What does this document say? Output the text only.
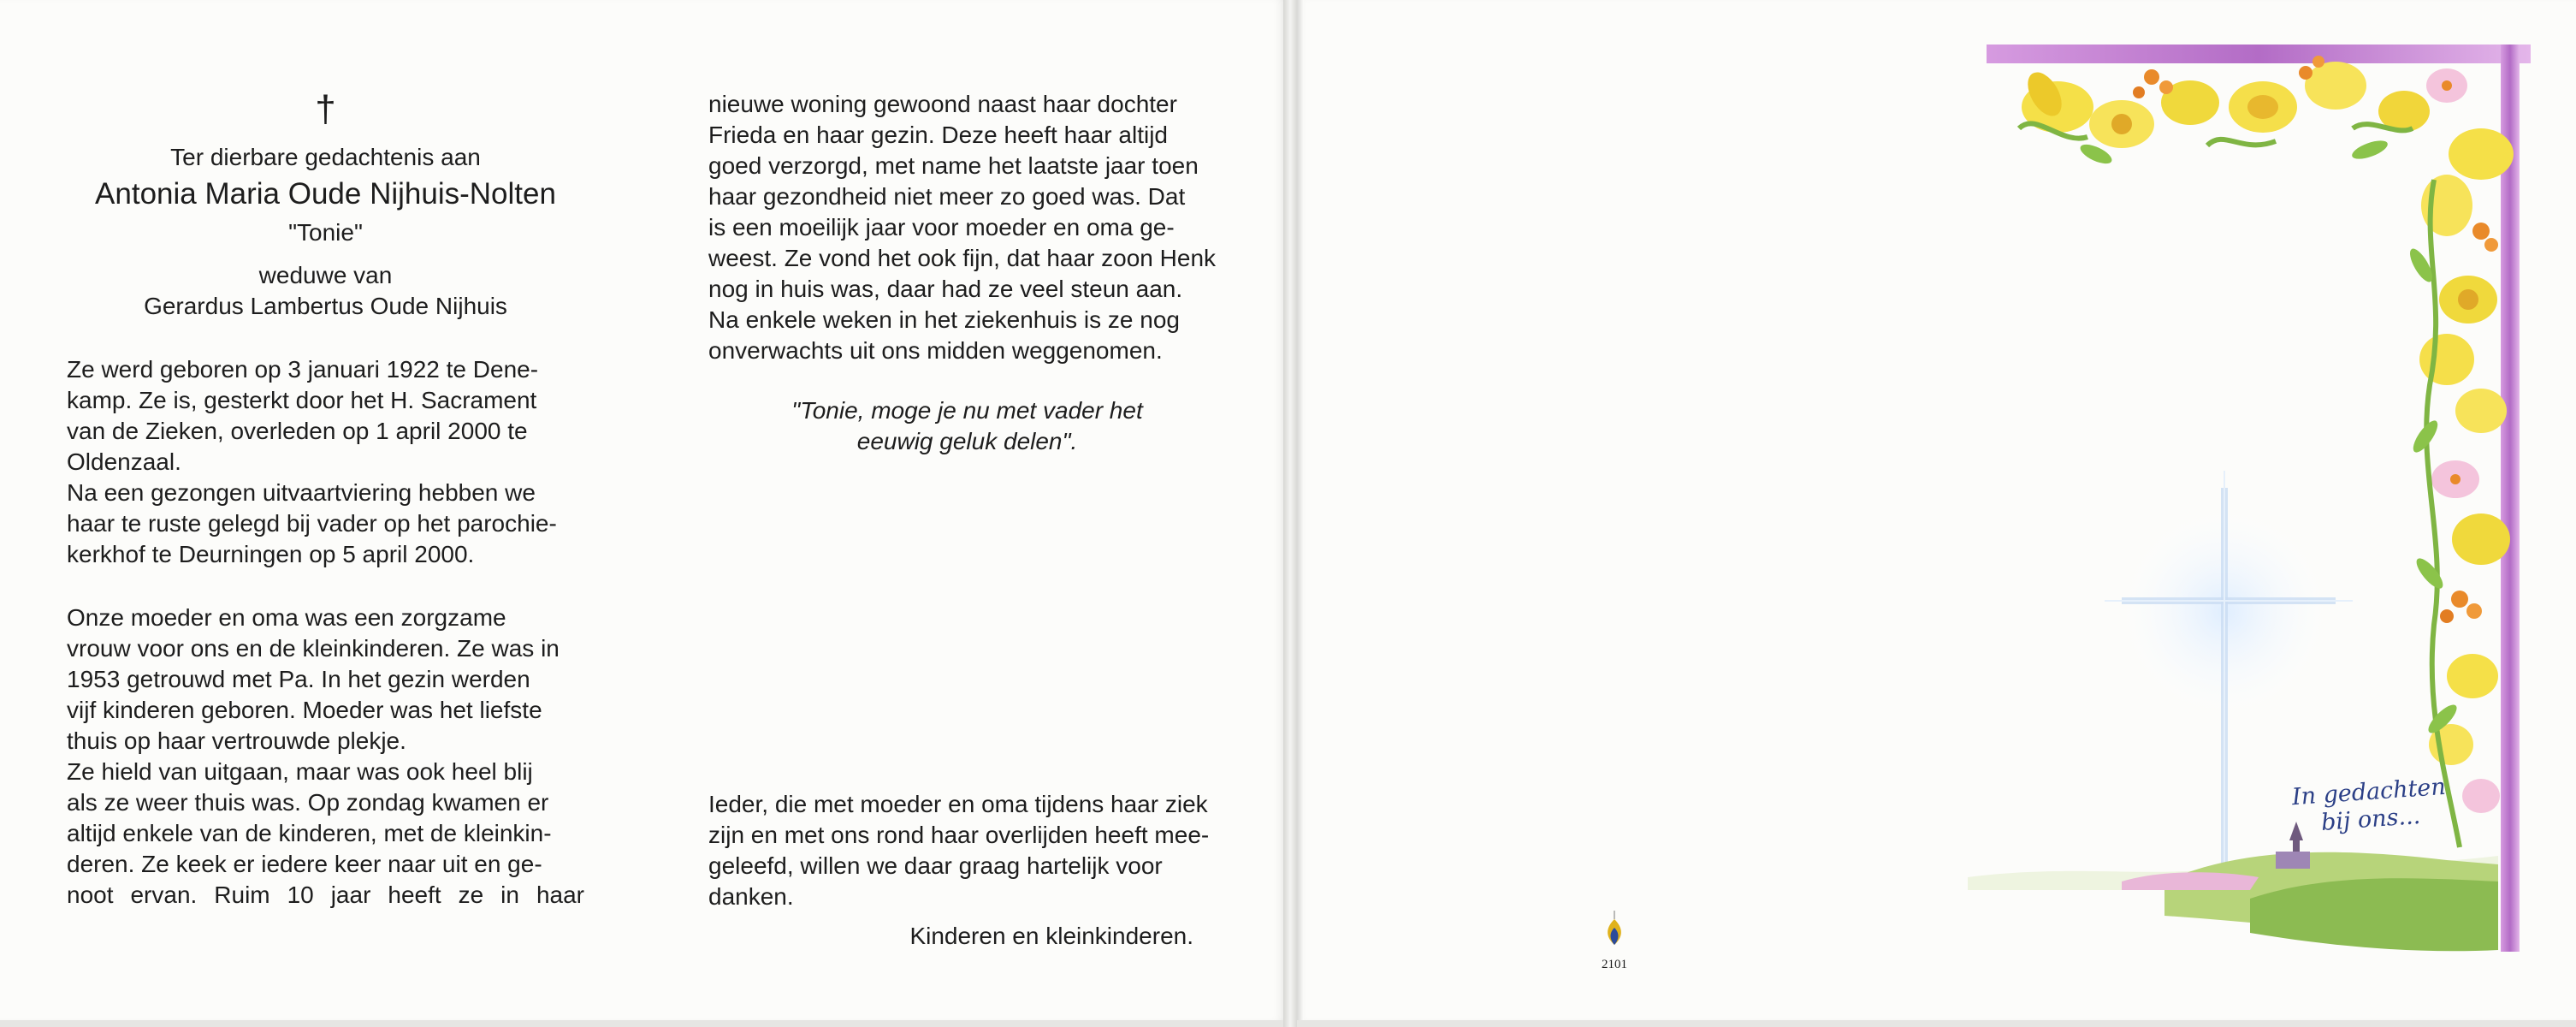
†

Ter dierbare gedachtenis aan

Antonia Maria Oude Nijhuis-Nolten

"Tonie"

weduwe van

Gerardus Lambertus Oude Nijhuis

Ze werd geboren op 3 januari 1922 te Dene-

kamp. Ze is, gesterkt door het H. Sacrament

van de Zieken, overleden op 1 april 2000 te

Oldenzaal.

Na een gezongen uitvaartviering hebben we

haar te ruste gelegd bij vader op het parochie-

kerkhof te Deurningen op 5 april 2000.

Onze moeder en oma was een zorgzame

vrouw voor ons en de kleinkinderen. Ze was in

1953 getrouwd met Pa. In het gezin werden

vijf kinderen geboren. Moeder was het liefste

thuis op haar vertrouwde plekje.

Ze hield van uitgaan, maar was ook heel blij

als ze weer thuis was. Op zondag kwamen er

altijd enkele van de kinderen, met de kleinkin-

deren. Ze keek er iedere keer naar uit en ge-

noot ervan. Ruim 10 jaar heeft ze in haar

nieuwe woning gewoond naast haar dochter

Frieda en haar gezin. Deze heeft haar altijd

goed verzorgd, met name het laatste jaar toen

haar gezondheid niet meer zo goed was. Dat

is een moeilijk jaar voor moeder en oma ge-

weest. Ze vond het ook fijn, dat haar zoon Henk

nog in huis was, daar had ze veel steun aan.

Na enkele weken in het ziekenhuis is ze nog

onverwachts uit ons midden weggenomen.

"Tonie, moge je nu met vader het

eeuwig geluk delen".

Ieder, die met moeder en oma tijdens haar ziek

zijn en met ons rond haar overlijden heeft mee-

geleefd, willen we daar graag hartelijk voor

danken.

Kinderen en kleinkinderen.

2101
In gedachten
bij ons...
